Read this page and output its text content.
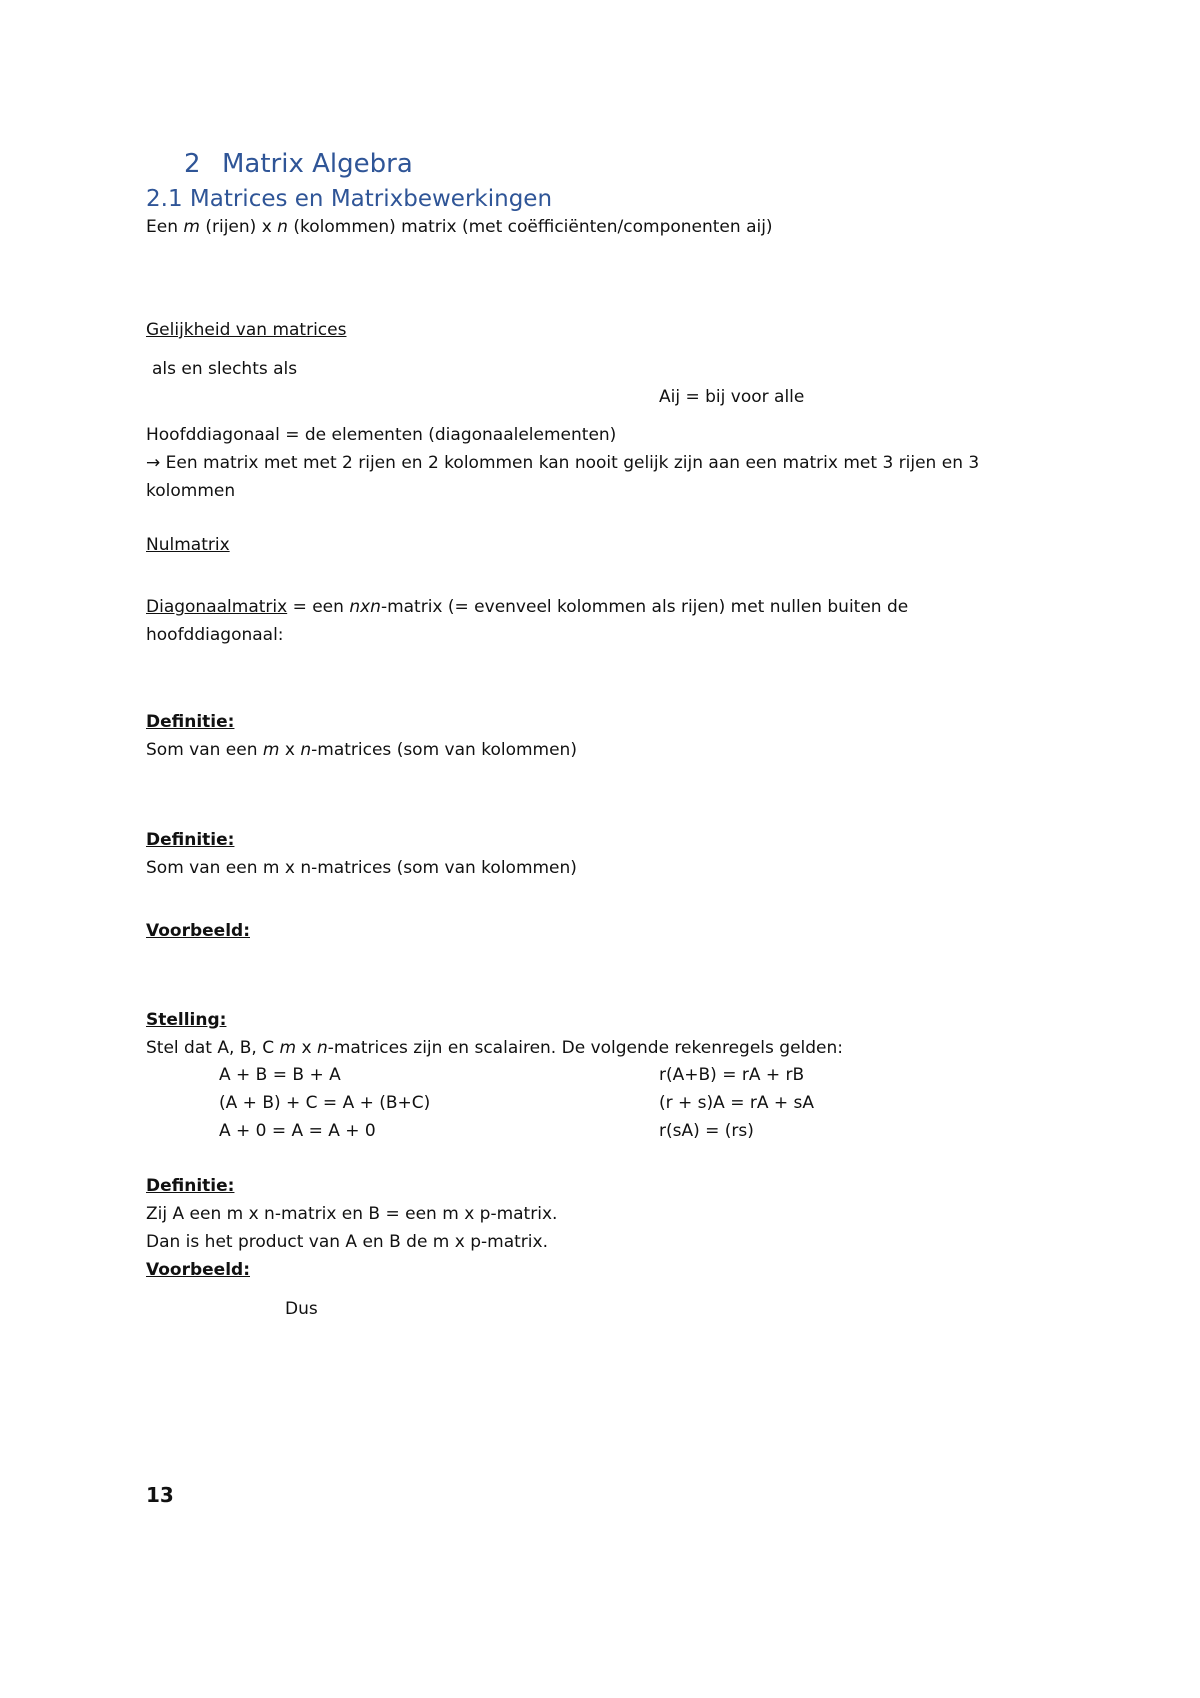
2 Matrix Algebra
2.1 Matrices en Matrixbewerkingen
Een m (rijen) x n (kolommen) matrix (met coëfficiënten/componenten aij)
Gelijkheid van matrices
als en slechts als
Aij = bij voor alle
Hoofddiagonaal = de elementen (diagonaalelementen)
→ Een matrix met met 2 rijen en 2 kolommen kan nooit gelijk zijn aan een matrix met 3 rijen en 3
kolommen
Nulmatrix
Diagonaalmatrix = een nxn-matrix (= evenveel kolommen als rijen) met nullen buiten de
hoofddiagonaal:
Definitie:
Som van een m x n-matrices (som van kolommen)
Definitie:
Som van een m x n-matrices (som van kolommen)
Voorbeeld:
Stelling:
Stel dat A, B, C m x n-matrices zijn en scalairen. De volgende rekenregels gelden:
A + B = B + A	r(A+B) = rA + rB
(A + B) + C = A + (B+C)	(r + s)A = rA + sA
A + 0 = A = A + 0	r(sA) = (rs)
Definitie:
Zij A een m x n-matrix en B = een m x p-matrix.
Dan is het product van A en B de m x p-matrix.
Voorbeeld:
Dus
13
